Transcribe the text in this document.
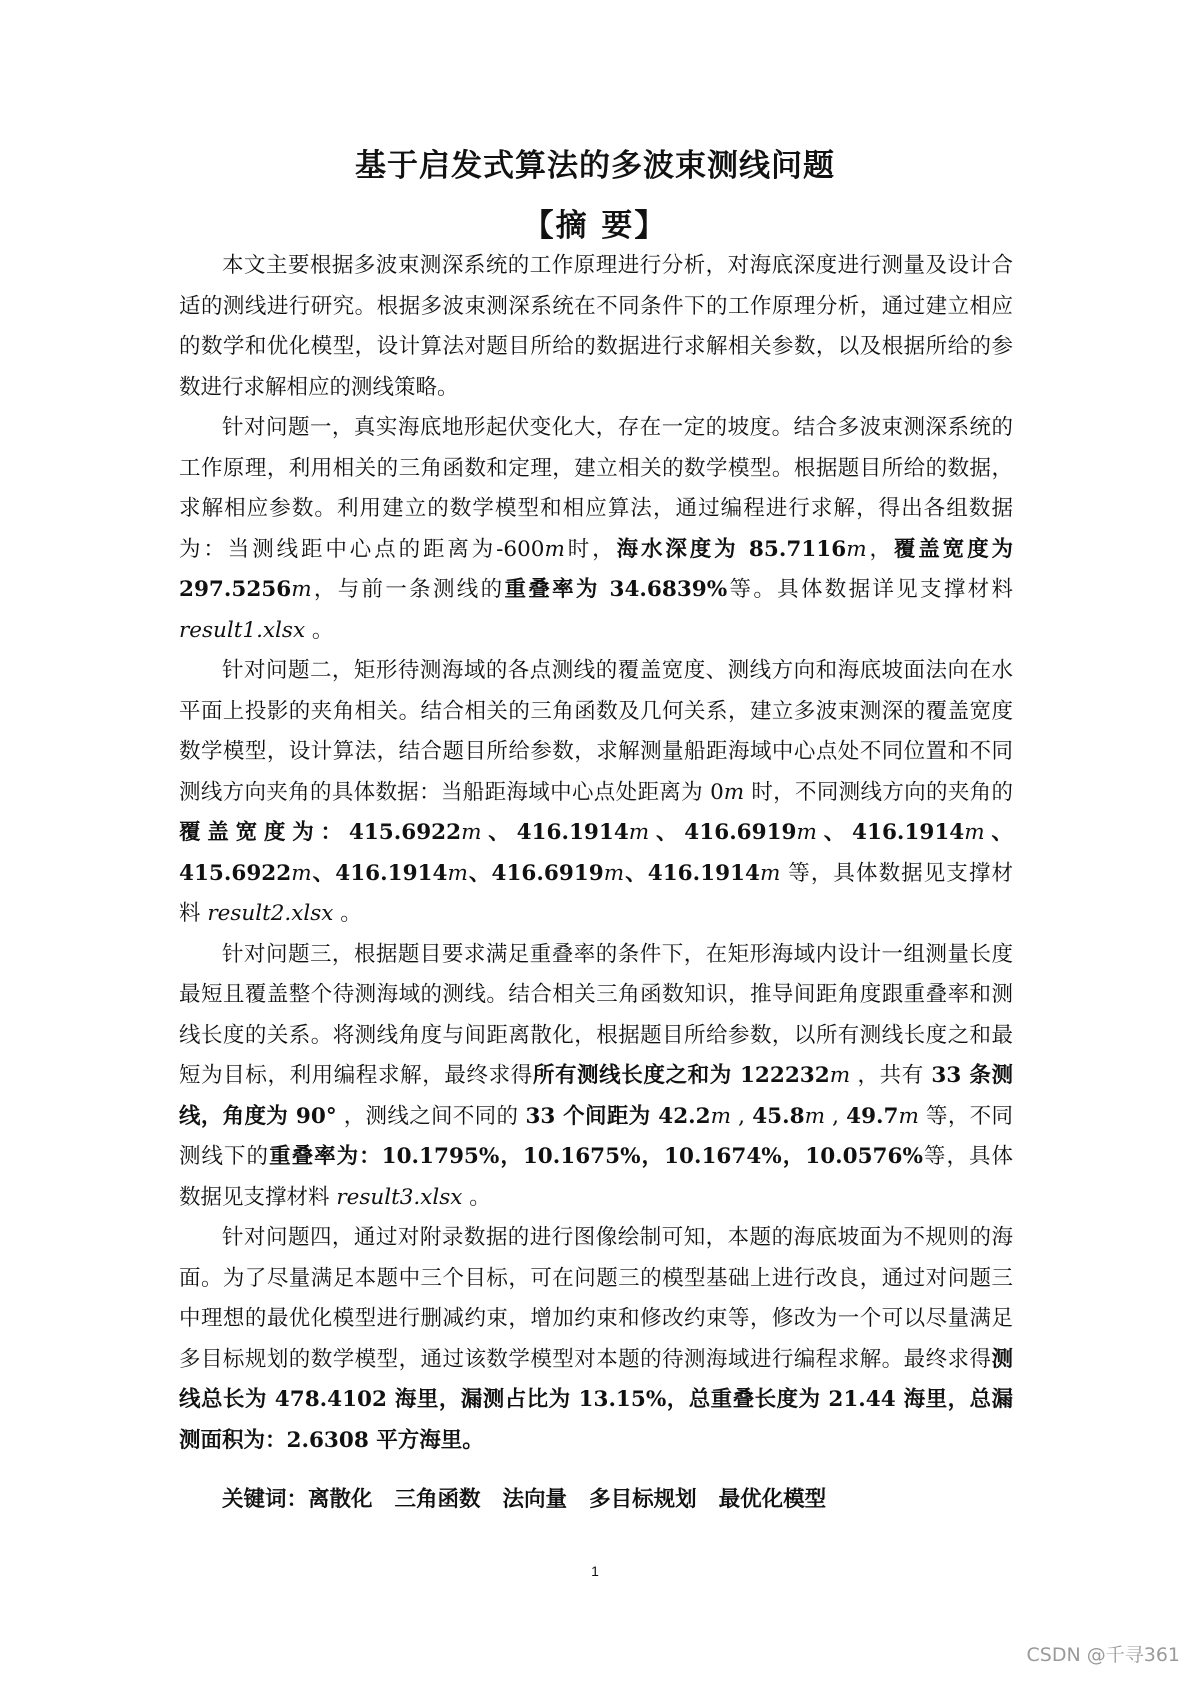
基于启发式算法的多波束测线问题
【摘 要】

本文主要根据多波束测深系统的工作原理进行分析，对海底深度进行测量及设计合适的测线进行研究。根据多波束测深系统在不同条件下的工作原理分析，通过建立相应的数学和优化模型，设计算法对题目所给的数据进行求解相关参数，以及根据所给的参数进行求解相应的测线策略。

针对问题一，真实海底地形起伏变化大，存在一定的坡度。结合多波束测深系统的工作原理，利用相关的三角函数和定理，建立相关的数学模型。根据题目所给的数据，求解相应参数。利用建立的数学模型和相应算法，通过编程进行求解，得出各组数据为：当测线距中心点的距离为-600m时，海水深度为 85.7116m，覆盖宽度为 297.5256m，与前一条测线的重叠率为 34.6839%等。具体数据详见支撑材料 result1.xlsx 。

针对问题二，矩形待测海域的各点测线的覆盖宽度、测线方向和海底坡面法向在水平面上投影的夹角相关。结合相关的三角函数及几何关系，建立多波束测深的覆盖宽度数学模型，设计算法，结合题目所给参数，求解测量船距海域中心点处不同位置和不同测线方向夹角的具体数据：当船距海域中心点处距离为 0m 时，不同测线方向的夹角的覆盖宽度为：415.6922m、416.1914m、416.6919m、416.1914m、415.6922m、416.1914m、416.6919m、416.1914m 等，具体数据见支撑材料 result2.xlsx 。

针对问题三，根据题目要求满足重叠率的条件下，在矩形海域内设计一组测量长度最短且覆盖整个待测海域的测线。结合相关三角函数知识，推导间距角度跟重叠率和测线长度的关系。将测线角度与间距离散化，根据题目所给参数，以所有测线长度之和最短为目标，利用编程求解，最终求得所有测线长度之和为 122232m ，共有 33 条测线，角度为 90° ，测线之间不同的 33 个间距为 42.2m , 45.8m , 49.7m 等，不同测线下的重叠率为：10.1795%，10.1675%，10.1674%，10.0576%等，具体数据见支撑材料 result3.xlsx 。

针对问题四，通过对附录数据的进行图像绘制可知，本题的海底坡面为不规则的海面。为了尽量满足本题中三个目标，可在问题三的模型基础上进行改良，通过对问题三中理想的最优化模型进行删减约束，增加约束和修改约束等，修改为一个可以尽量满足多目标规划的数学模型，通过该数学模型对本题的待测海域进行编程求解。最终求得测线总长为 478.4102 海里，漏测占比为 13.15%，总重叠长度为 21.44 海里，总漏测面积为：2.6308 平方海里。

关键词：离散化 三角函数 法向量 多目标规划 最优化模型

1
CSDN @千寻361
